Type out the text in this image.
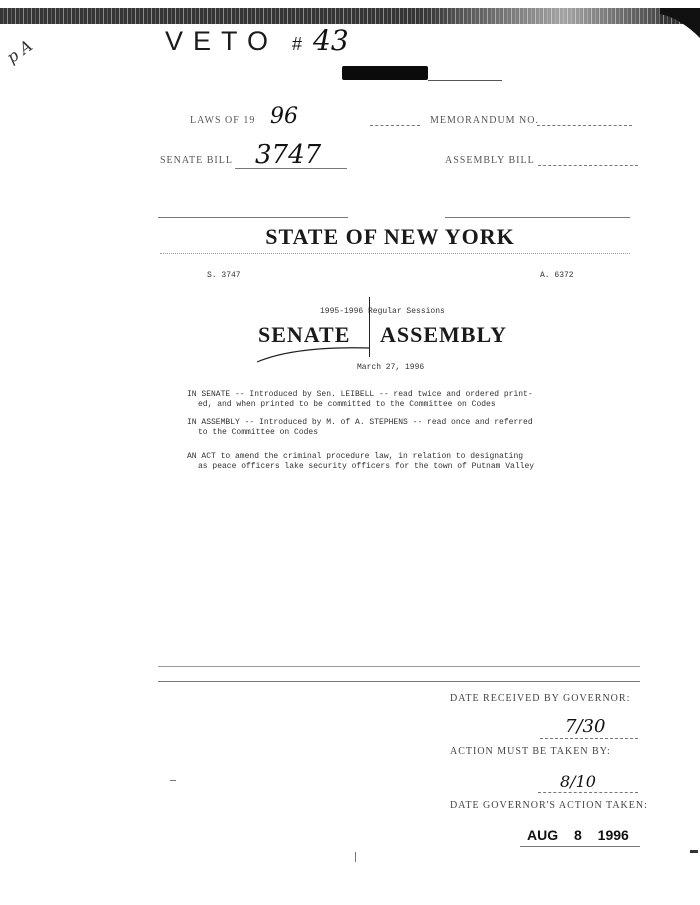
VETO # 43
p A
LAWS OF 19 96	MEMORANDUM NO.
SENATE BILL 3747	ASSEMBLY BILL
STATE OF NEW YORK
S. 3747	A. 6372
1995-1996 Regular Sessions
SENATE ASSEMBLY
March 27, 1996
IN SENATE -- Introduced by Sen. LEIBELL -- read twice and ordered print-
ed, and when printed to be committed to the Committee on Codes
IN ASSEMBLY -- Introduced by M. of A. STEPHENS -- read once and referred
to the Committee on Codes
AN ACT to amend the criminal procedure law, in relation to designating
as peace officers lake security officers for the town of Putnam Valley
DATE RECEIVED BY GOVERNOR:
7/30
ACTION MUST BE TAKEN BY:
8/10
DATE GOVERNOR'S ACTION TAKEN:
AUG 8 1996
